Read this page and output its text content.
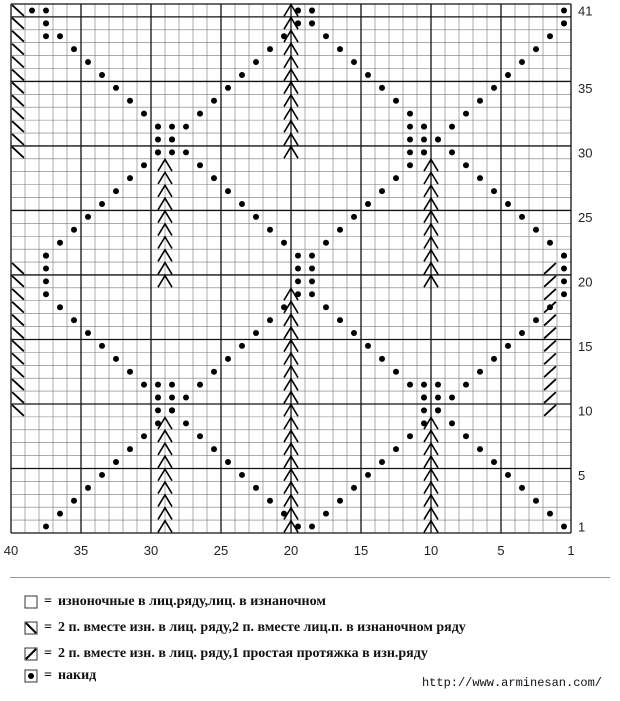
1
5
10
15
20
25
30
35
41
40	35	30	25	20	15	10	5	1
= изноночные в лиц.ряду,лиц. в изнаночном
= 2 п. вместе изн. в лиц. ряду,2 п. вместе лиц.п. в изнаночном ряду
= 2 п. вместе изн. в лиц. ряду,1 простая протяжка в изн.ряду
= накид	http://www.arminesan.com/
